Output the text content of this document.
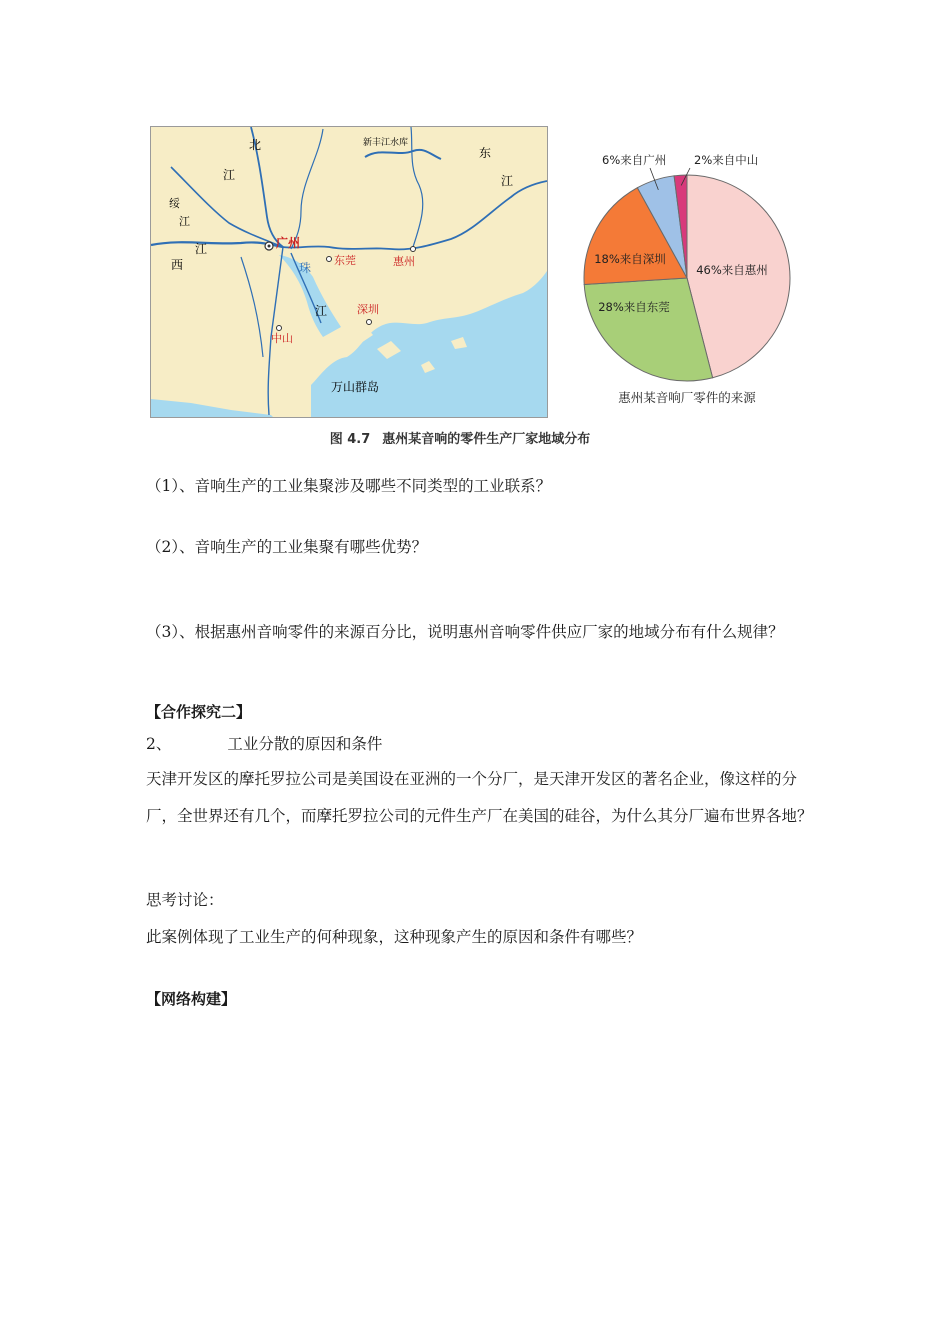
北
江
绥
江
西
江
东
江
珠
江
新丰江水库
万山群岛
广州
东莞	惠州
深圳
中山
46%来自惠州
28%来自东莞
18%来自深圳
6%来自广州 2%来自中山
惠州某音响厂零件的来源
图 4.7 惠州某音响的零件生产厂家地域分布
（1）、音响生产的工业集聚涉及哪些不同类型的工业联系？
（2）、音响生产的工业集聚有哪些优势？
（3）、根据惠州音响零件的来源百分比，说明惠州音响零件供应厂家的地域分布有什么规律？
【合作探究二】
2、	工业分散的原因和条件
天津开发区的摩托罗拉公司是美国设在亚洲的一个分厂，是天津开发区的著名企业，像这样的分厂，全世界还有几个，而摩托罗拉公司的元件生产厂在美国的硅谷，为什么其分厂遍布世界各地？
思考讨论：
此案例体现了工业生产的何种现象，这种现象产生的原因和条件有哪些？
【网络构建】
